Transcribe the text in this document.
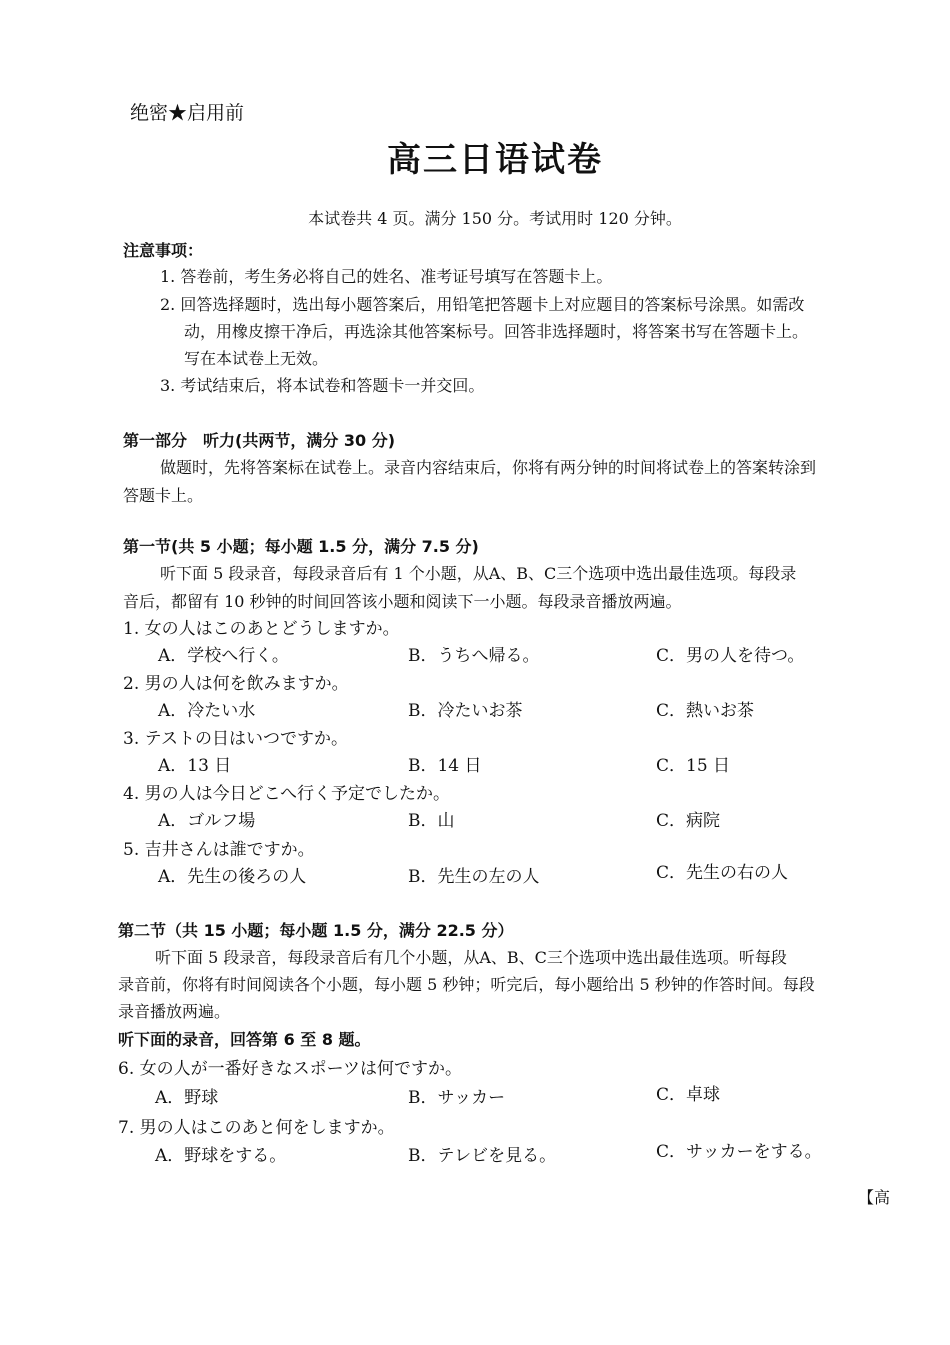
绝密★启用前
高三日语试卷
本试卷共 4 页。满分 150 分。考试用时 120 分钟。
注意事项：
1. 答卷前，考生务必将自己的姓名、准考证号填写在答题卡上。
2. 回答选择题时，选出每小题答案后，用铅笔把答题卡上对应题目的答案标号涂黑。如需改
动，用橡皮擦干净后，再选涂其他答案标号。回答非选择题时，将答案书写在答题卡上。
写在本试卷上无效。
3. 考试结束后，将本试卷和答题卡一并交回。
第一部分　听力(共两节，满分 30 分)
做题时，先将答案标在试卷上。录音内容结束后，你将有两分钟的时间将试卷上的答案转涂到
答题卡上。
第一节(共 5 小题；每小题 1.5 分，满分 7.5 分)
听下面 5 段录音，每段录音后有 1 个小题，从A、B、C三个选项中选出最佳选项。每段录
音后，都留有 10 秒钟的时间回答该小题和阅读下一小题。每段录音播放两遍。
1. 女の人はこのあとどうしますか。
A．学校へ行く。	B．うちへ帰る。	C．男の人を待つ。
2. 男の人は何を飲みますか。
A．冷たい水	B．冷たいお茶	C．熱いお茶
3. テストの日はいつですか。
A．13 日	B．14 日	C．15 日
4. 男の人は今日どこへ行く予定でしたか。
A．ゴルフ場	B．山	C．病院
5. 吉井さんは誰ですか。
A．先生の後ろの人	B．先生の左の人	C．先生の右の人
第二节（共 15 小题；每小题 1.5 分，满分 22.5 分）
听下面 5 段录音，每段录音后有几个小题，从A、B、C三个选项中选出最佳选项。听每段
录音前，你将有时间阅读各个小题，每小题 5 秒钟；听完后，每小题给出 5 秒钟的作答时间。每段
录音播放两遍。
听下面的录音，回答第 6 至 8 题。
6. 女の人が一番好きなスポーツは何ですか。
A．野球	B．サッカー	C．卓球
7. 男の人はこのあと何をしますか。
A．野球をする。	B．テレビを見る。	C．サッカーをする。
【高
